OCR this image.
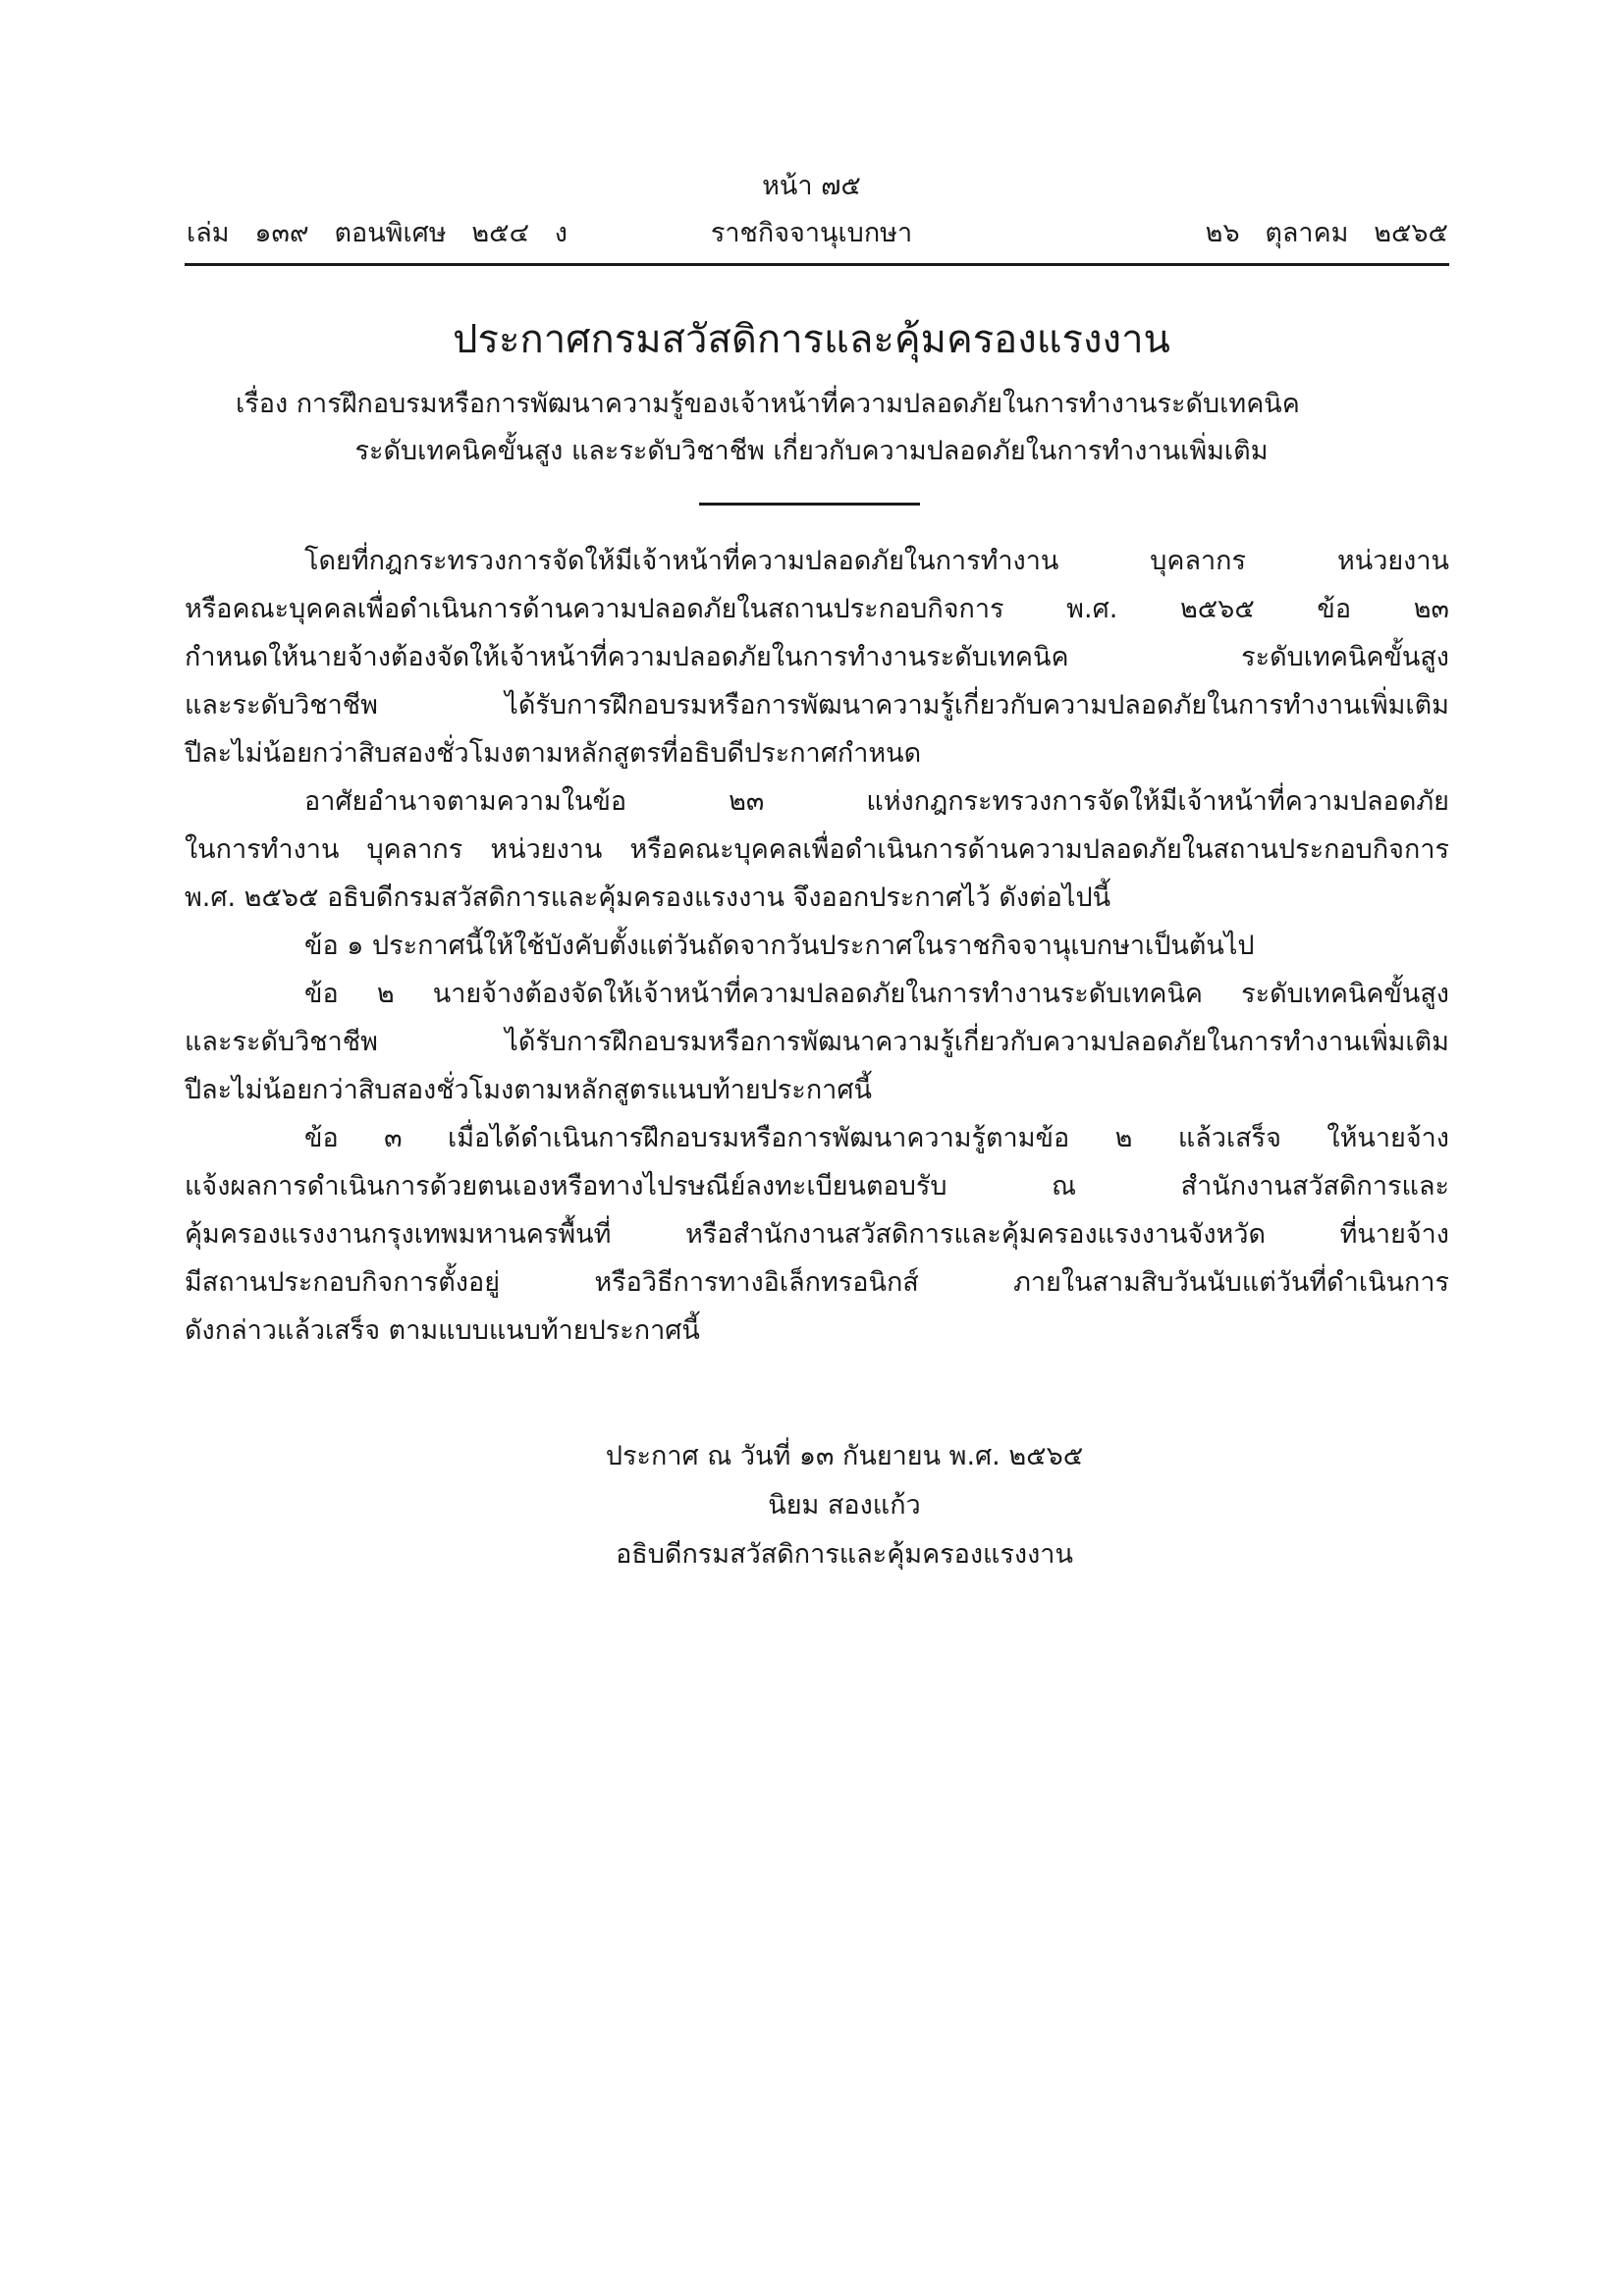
หน้า ๗๕
เล่ม   ๑๓๙   ตอนพิเศษ   ๒๕๔   ง	ราชกิจจานุเบกษา	๒๖   ตุลาคม   ๒๕๖๕
ประกาศกรมสวัสดิการและคุ้มครองแรงงาน
เรื่อง การฝึกอบรมหรือการพัฒนาความรู้ของเจ้าหน้าที่ความปลอดภัยในการทำงานระดับเทคนิค
ระดับเทคนิคขั้นสูง และระดับวิชาชีพ เกี่ยวกับความปลอดภัยในการทำงานเพิ่มเติม
โดยที่กฎกระทรวงการจัดให้มีเจ้าหน้าที่ความปลอดภัยในการทำงาน บุคลากร หน่วยงาน
หรือคณะบุคคลเพื่อดำเนินการด้านความปลอดภัยในสถานประกอบกิจการ พ.ศ. ๒๕๖๕ ข้อ ๒๓
กำหนดให้นายจ้างต้องจัดให้เจ้าหน้าที่ความปลอดภัยในการทำงานระดับเทคนิค ระดับเทคนิคขั้นสูง
และระดับวิชาชีพ ได้รับการฝึกอบรมหรือการพัฒนาความรู้เกี่ยวกับความปลอดภัยในการทำงานเพิ่มเติม
ปีละไม่น้อยกว่าสิบสองชั่วโมงตามหลักสูตรที่อธิบดีประกาศกำหนด
อาศัยอำนาจตามความในข้อ ๒๓ แห่งกฎกระทรวงการจัดให้มีเจ้าหน้าที่ความปลอดภัย
ในการทำงาน บุคลากร หน่วยงาน หรือคณะบุคคลเพื่อดำเนินการด้านความปลอดภัยในสถานประกอบกิจการ
พ.ศ. ๒๕๖๕ อธิบดีกรมสวัสดิการและคุ้มครองแรงงาน จึงออกประกาศไว้ ดังต่อไปนี้
ข้อ ๑ ประกาศนี้ให้ใช้บังคับตั้งแต่วันถัดจากวันประกาศในราชกิจจานุเบกษาเป็นต้นไป
ข้อ ๒ นายจ้างต้องจัดให้เจ้าหน้าที่ความปลอดภัยในการทำงานระดับเทคนิค ระดับเทคนิคขั้นสูง
และระดับวิชาชีพ ได้รับการฝึกอบรมหรือการพัฒนาความรู้เกี่ยวกับความปลอดภัยในการทำงานเพิ่มเติม
ปีละไม่น้อยกว่าสิบสองชั่วโมงตามหลักสูตรแนบท้ายประกาศนี้
ข้อ ๓ เมื่อได้ดำเนินการฝึกอบรมหรือการพัฒนาความรู้ตามข้อ ๒ แล้วเสร็จ ให้นายจ้าง
แจ้งผลการดำเนินการด้วยตนเองหรือทางไปรษณีย์ลงทะเบียนตอบรับ ณ สำนักงานสวัสดิการและ
คุ้มครองแรงงานกรุงเทพมหานครพื้นที่ หรือสำนักงานสวัสดิการและคุ้มครองแรงงานจังหวัด ที่นายจ้าง
มีสถานประกอบกิจการตั้งอยู่ หรือวิธีการทางอิเล็กทรอนิกส์ ภายในสามสิบวันนับแต่วันที่ดำเนินการ
ดังกล่าวแล้วเสร็จ ตามแบบแนบท้ายประกาศนี้
ประกาศ ณ วันที่ ๑๓ กันยายน พ.ศ. ๒๕๖๕
นิยม สองแก้ว
อธิบดีกรมสวัสดิการและคุ้มครองแรงงาน
